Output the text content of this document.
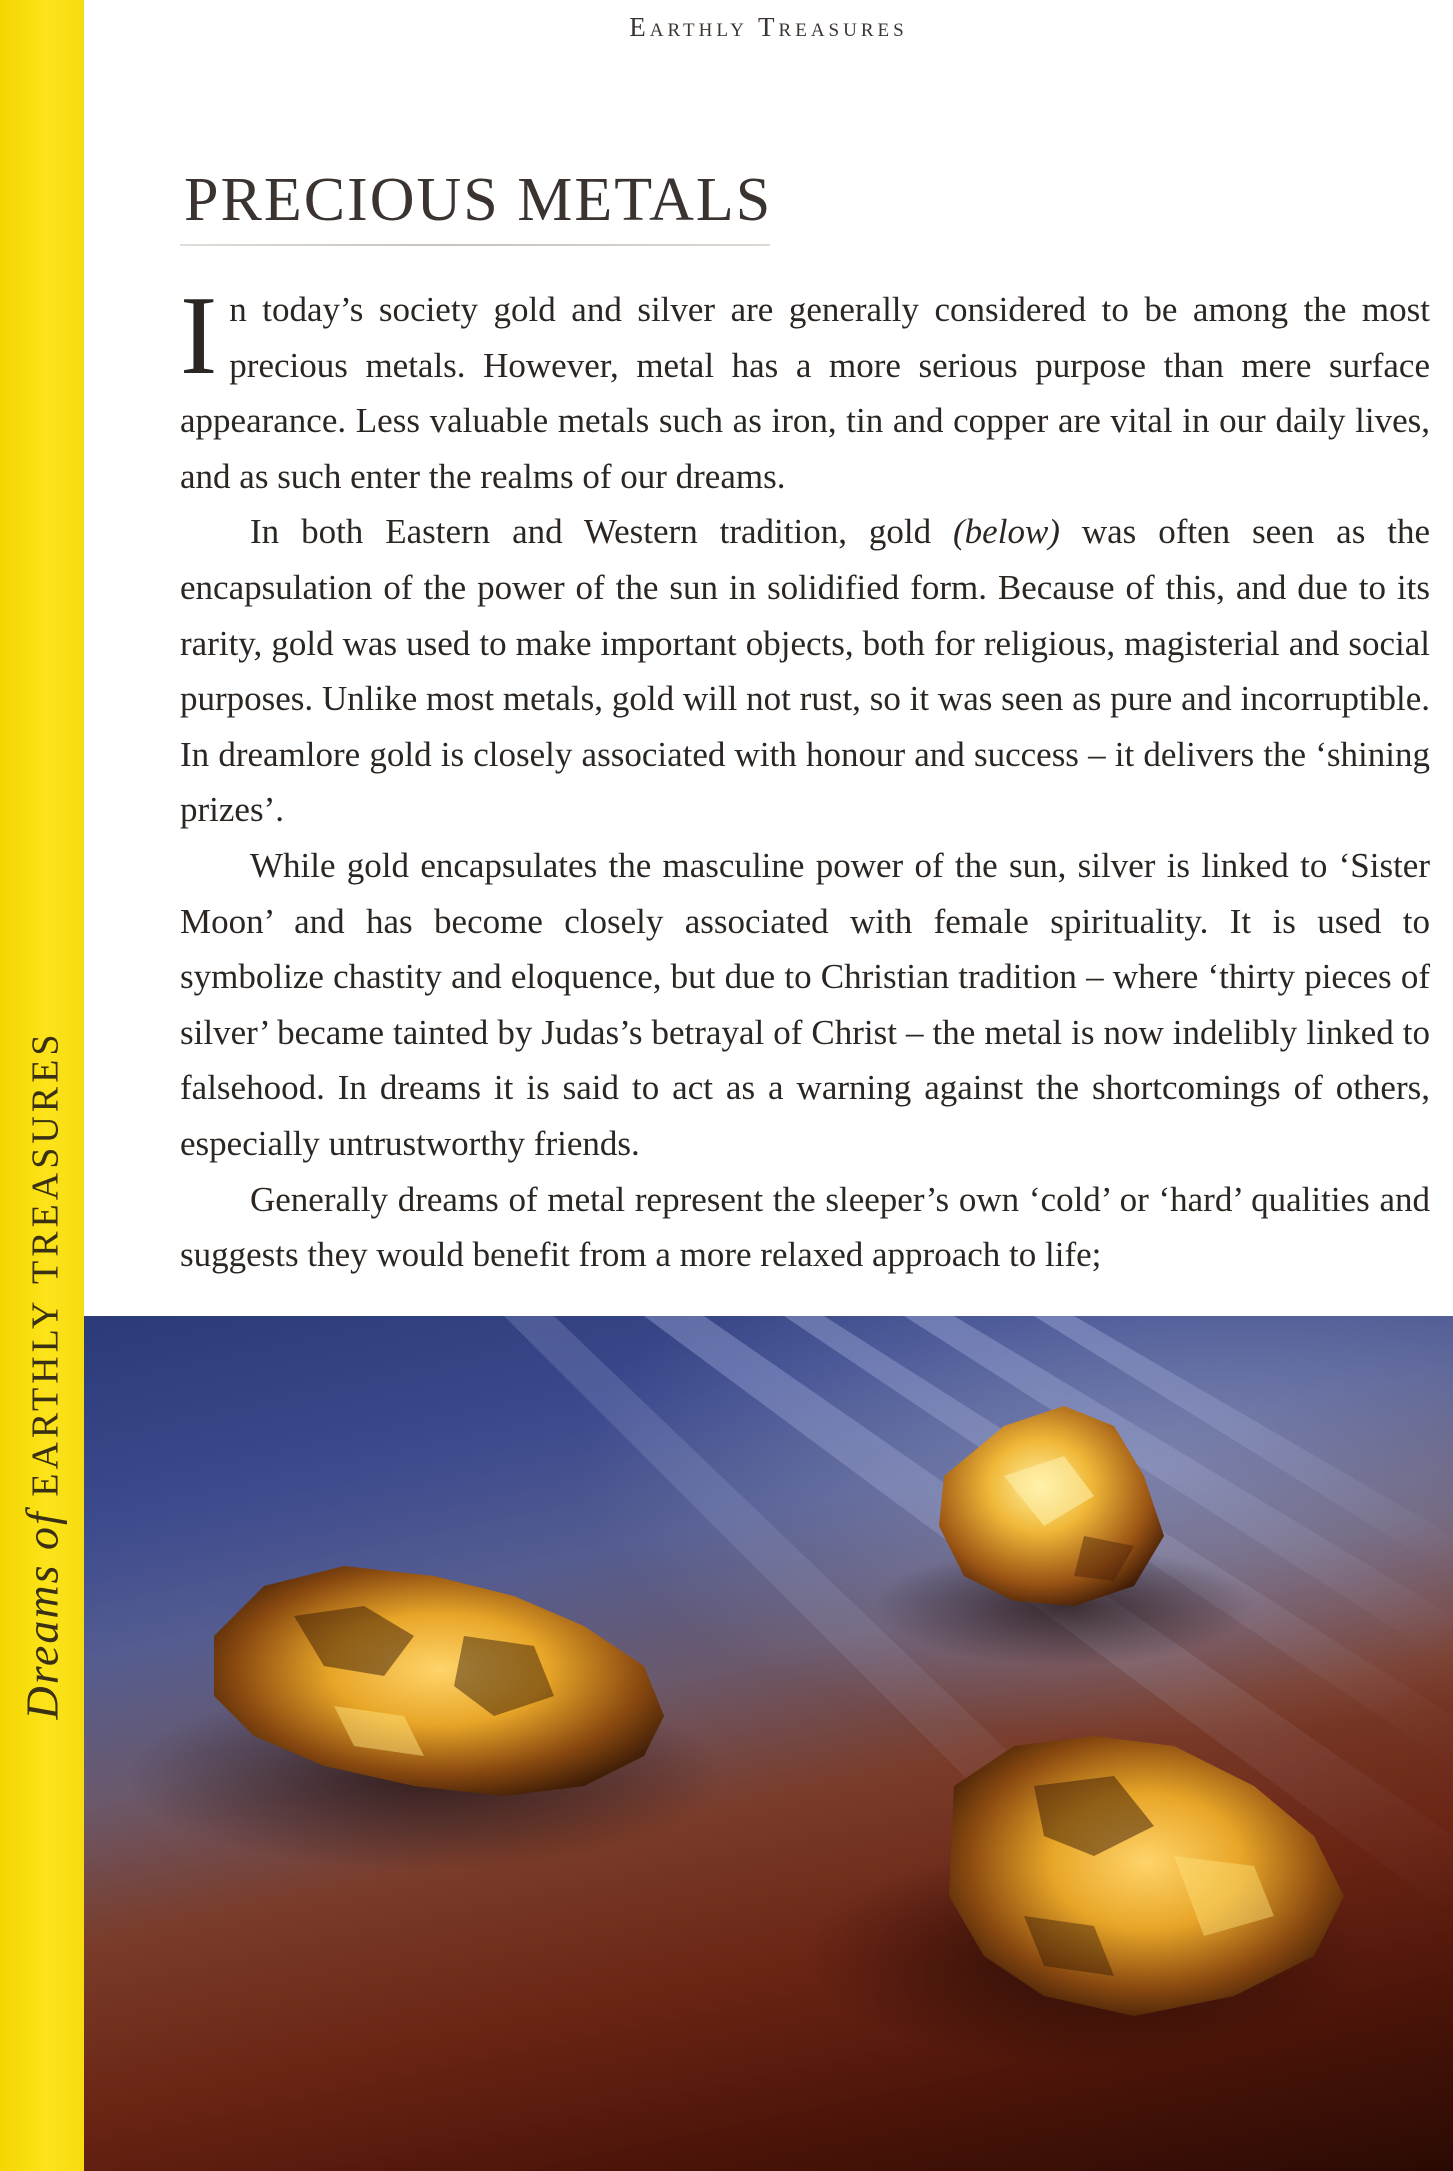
Dreams of EARTHLY TREASURES
Earthly Treasures
PRECIOUS METALS

In today’s society gold and silver are generally considered to be among the most precious metals. However, metal has a more serious purpose than mere surface appearance. Less valuable metals such as iron, tin and copper are vital in our daily lives, and as such enter the realms of our dreams.

In both Eastern and Western tradition, gold (below) was often seen as the encapsulation of the power of the sun in solidified form. Because of this, and due to its rarity, gold was used to make important objects, both for religious, magisterial and social purposes. Unlike most metals, gold will not rust, so it was seen as pure and incorruptible. In dreamlore gold is closely associated with honour and success – it delivers the ‘shining prizes’.

While gold encapsulates the masculine power of the sun, silver is linked to ‘Sister Moon’ and has become closely associated with female spirituality. It is used to symbolize chastity and eloquence, but due to Christian tradition – where ‘thirty pieces of silver’ became tainted by Judas’s betrayal of Christ – the metal is now indelibly linked to falsehood. In dreams it is said to act as a warning against the shortcomings of others, especially untrustworthy friends.

Generally dreams of metal represent the sleeper’s own ‘cold’ or ‘hard’ qualities and suggests they would benefit from a more relaxed approach to life;
